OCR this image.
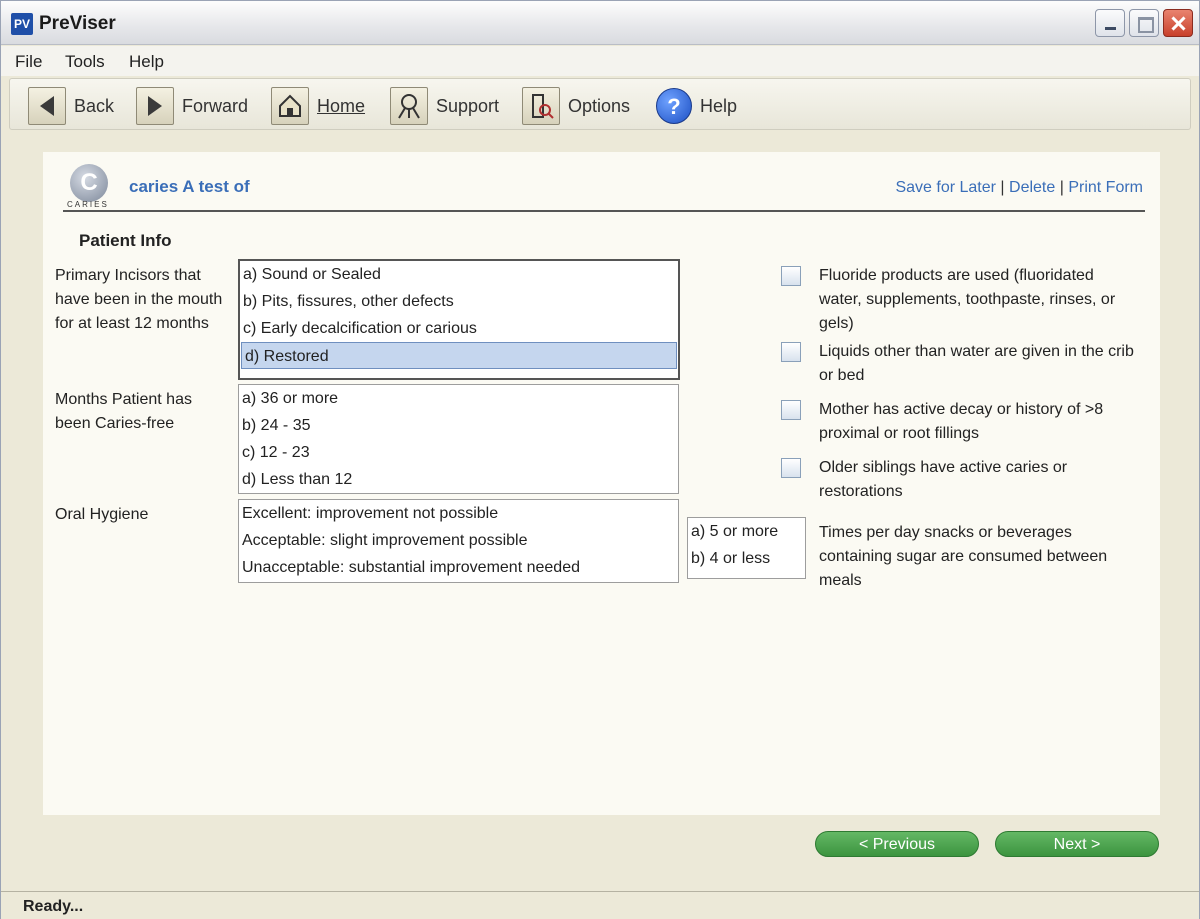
PV PreViser
File Tools Help
Back	Forward	Home	Support	Options	?	Help
C
CARIES
caries A test of	Save for Later | Delete | Print Form
Patient Info
Primary Incisors that have been in the mouth for at least 12 months
a) Sound or Sealed
b) Pits, fissures, other defects
c) Early decalcification or carious
d) Restored
Months Patient has been Caries-free
a) 36 or more
b) 24 - 35
c) 12 - 23
d) Less than 12
Oral Hygiene	Excellent: improvement not possible
Acceptable: slight improvement possible
Unacceptable: substantial improvement needed
a) 5 or more
b) 4 or less
Times per day snacks or beverages containing sugar are consumed between meals
Fluoride products are used (fluoridated water, supplements, toothpaste, rinses, or gels)
Liquids other than water are given in the crib or bed
Mother has active decay or history of >8 proximal or root fillings
Older siblings have active caries or restorations
< Previous	Next >
Ready...
